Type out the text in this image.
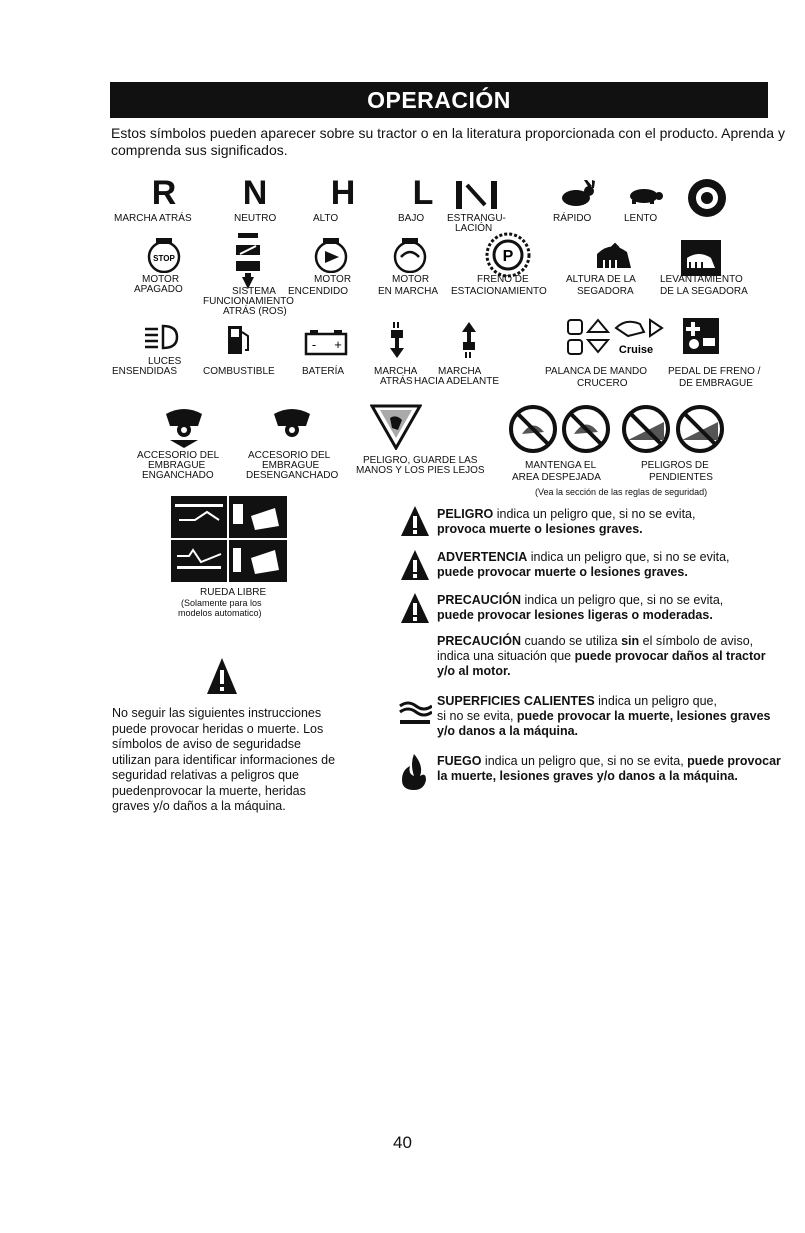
OPERACIÓN
Estos símbolos pueden aparecer sobre su tractor o en la literatura proporcionada con el producto. Aprenda y comprenda sus significados.
R	N	H	L
MARCHA ATRÁS	NEUTRO	ALTO	BAJO ESTRANGU-
LACIÓN
RÁPIDO	LENTO
STOP	P
MOTOR
APAGADO	SISTEMA
FUNCIONAMIENTO
ATRÁS (ROS)
MOTOR
ENCENDIDO
MOTOR
EN MARCHA
FRENO DE
ESTACIONAMIENTO
ALTURA DE LA
SEGADORA
LEVANTAMIENTO
DE LA SEGADORA
- +	Cruise
LUCES
ENSENDIDAS	COMBUSTIBLE	BATERÍA	MARCHA
ATRÁS
MARCHA
HACIA ADELANTE
PALANCA DE MANDO
CRUCERO
PEDAL DE FRENO /
DE EMBRAGUE
ACCESORIO DEL
EMBRAGUE
ENGANCHADO
ACCESORIO DEL
EMBRAGUE
DESENGANCHADO
PELIGRO, GUARDE LAS
MANOS Y LOS PIES LEJOS	MANTENGA EL
AREA DESPEJADA
PELIGROS DE
PENDIENTES
(Vea la sección de las reglas de seguridad)
RUEDA LIBRE
(Solamente para los
modelos automatico)
No seguir las siguientes instrucciones puede provocar heridas o muerte. Los símbolos de aviso de seguridadse utilizan para identificar informaciones de seguridad relativas a peligros que puedenprovocar la muerte, heridas graves y/o daños a la máquina.
PELIGRO indica un peligro que, si no se evita,
provoca muerte o lesiones graves.
ADVERTENCIA indica un peligro que, si no se evita,
puede provocar muerte o lesiones graves.
PRECAUCIÓN indica un peligro que, si no se evita,
puede provocar lesiones ligeras o moderadas.
PRECAUCIÓN cuando se utiliza sin el símbolo de aviso, indica una situación que puede provocar daños al tractor y/o al motor.
SUPERFICIES CALIENTES indica un peligro que,
si no se evita, puede provocar la muerte, lesiones graves y/o danos a la máquina.
FUEGO indica un peligro que, si no se evita, puede provocar la muerte, lesiones graves y/o danos a la máquina.
40
